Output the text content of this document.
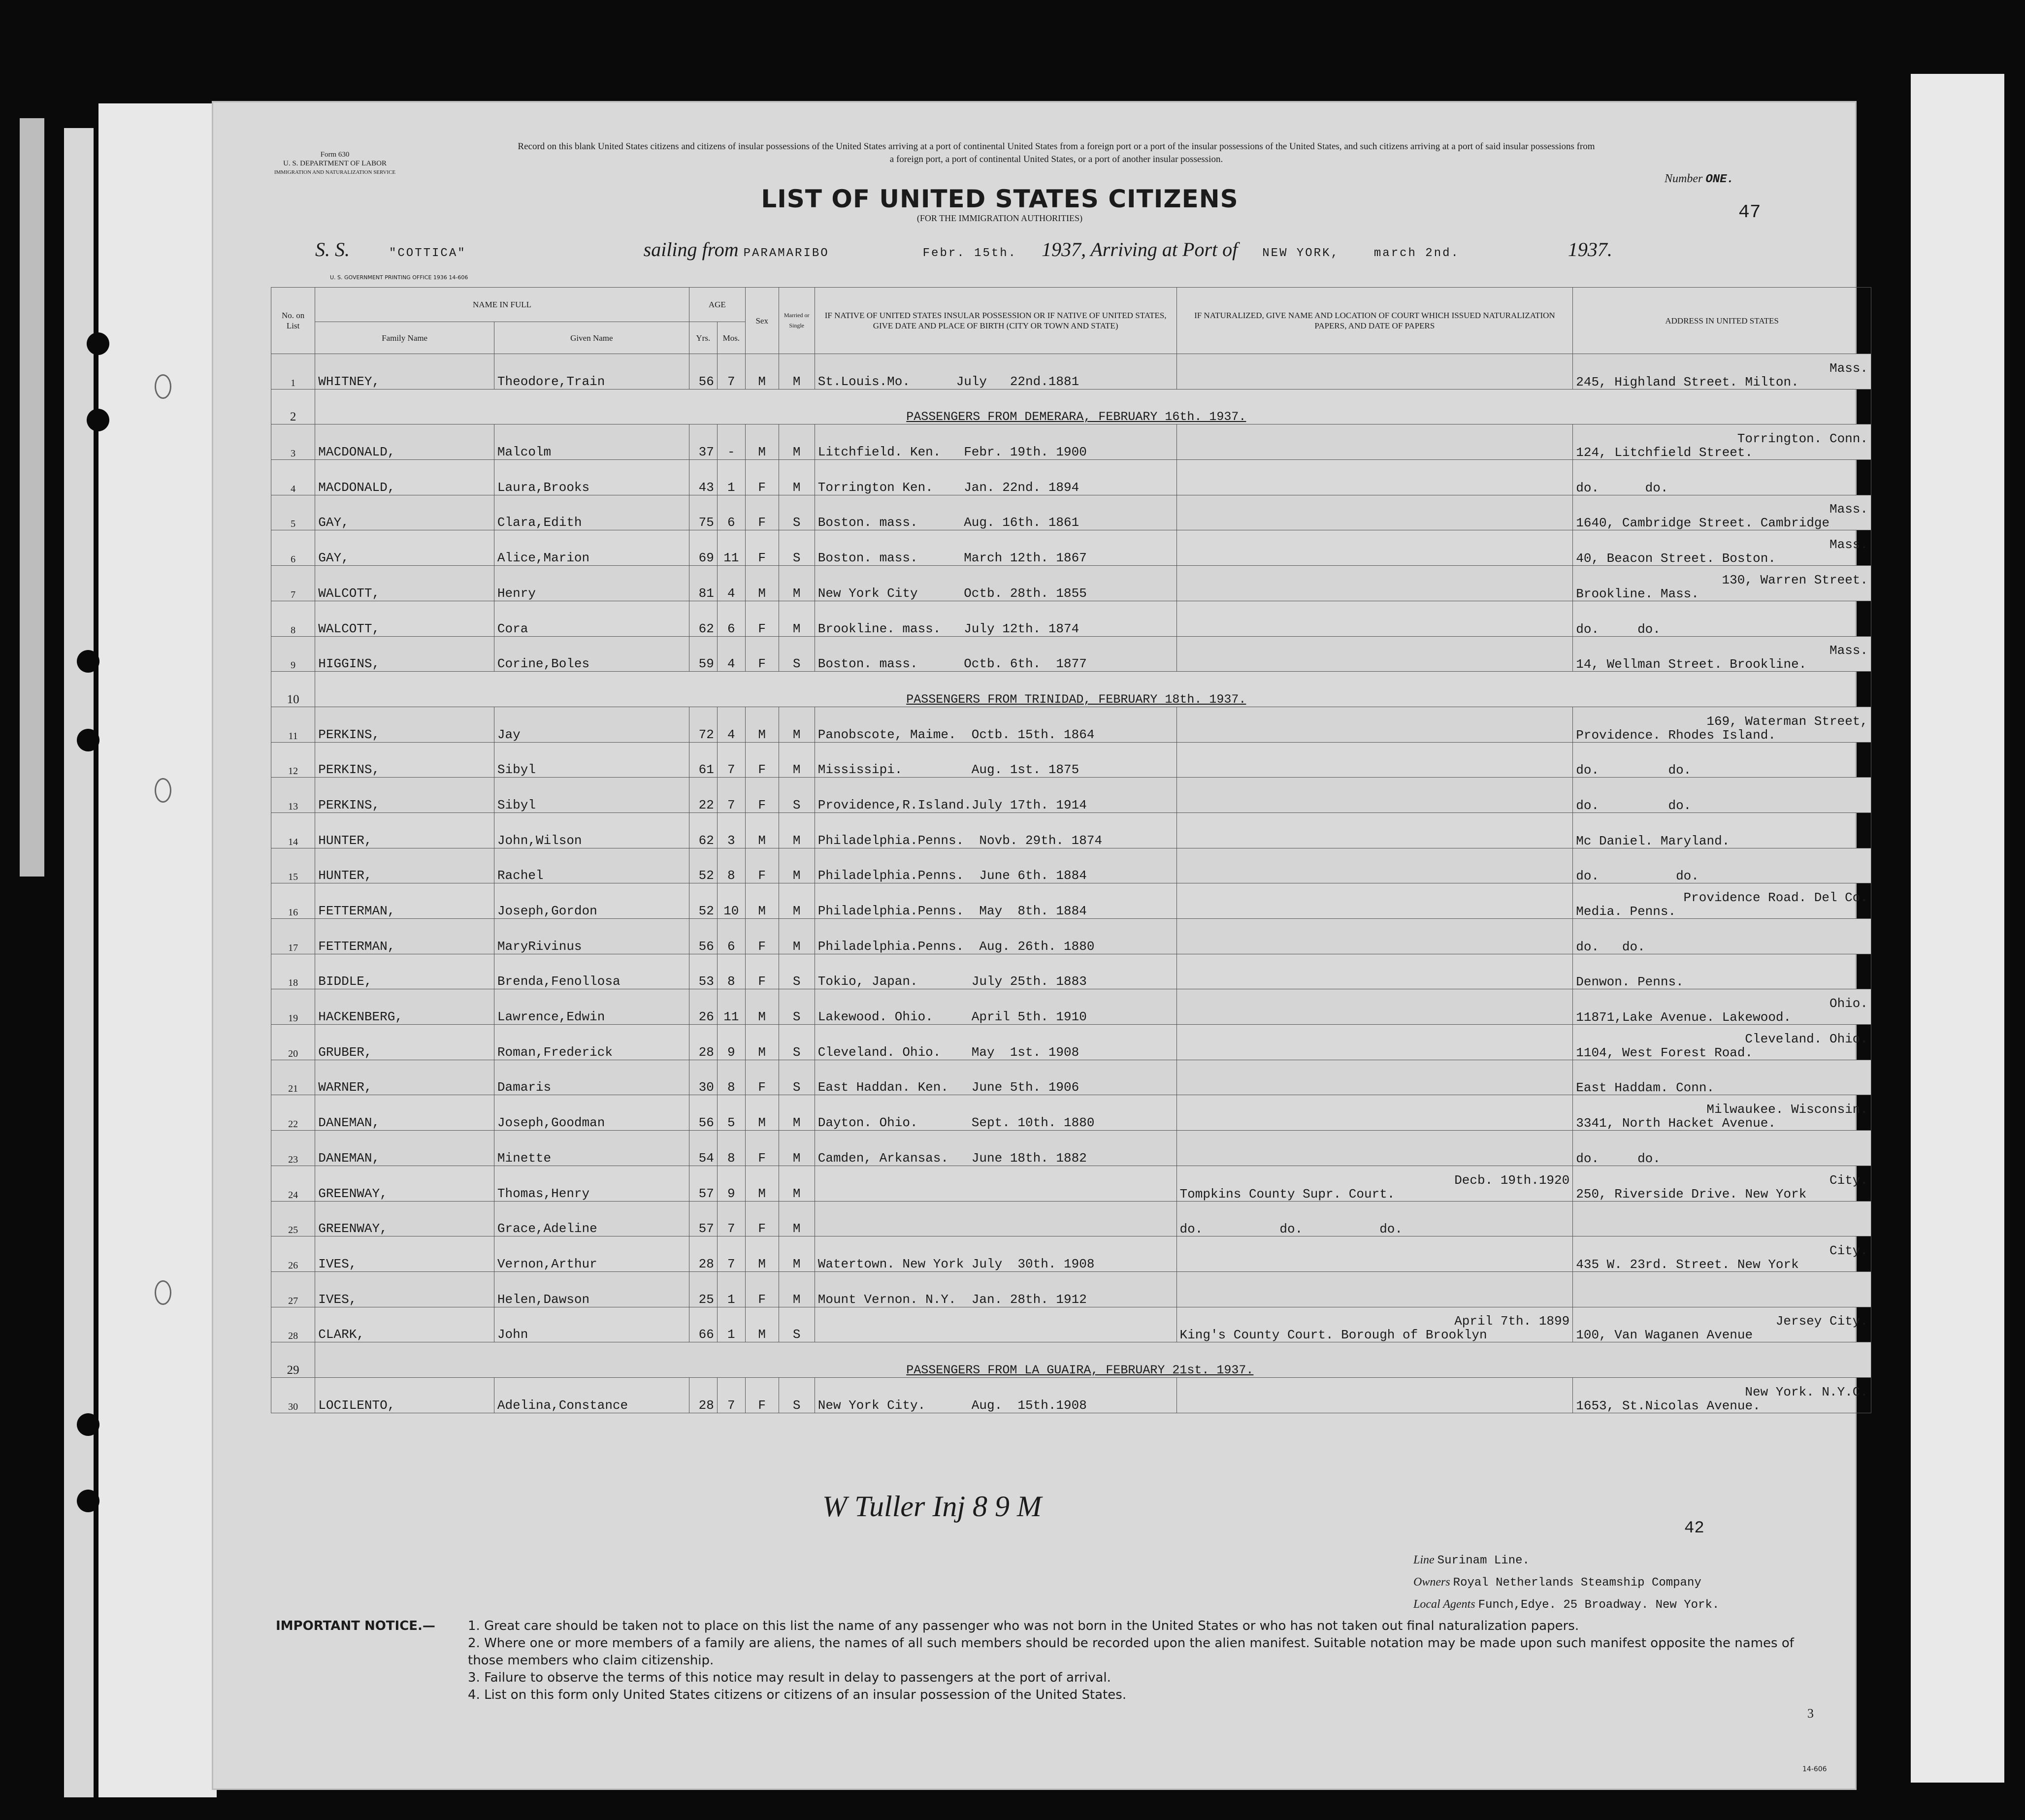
Form 630
U. S. DEPARTMENT OF LABOR
IMMIGRATION AND NATURALIZATION SERVICE
Record on this blank United States citizens and citizens of insular possessions of the United States arriving at a port of continental United States from a foreign port or a port of the insular possessions of the United States, and such citizens arriving at a port of said insular possessions from a foreign port, a port of continental United States, or a port of another insular possession.
Number ONE.
47
LIST OF UNITED STATES CITIZENS
(FOR THE IMMIGRATION AUTHORITIES)
S. S.	"COTTICA"	sailing from PARAMARIBO	Febr. 15th. 1937, Arriving at Port of NEW YORK,	march 2nd.	1937.
U. S. GOVERNMENT PRINTING OFFICE 1936 14-606
No. on List	NAME IN FULL		AGE		Sex	Married or Single	IF NATIVE OF UNITED STATES INSULAR POSSESSION OR IF NATIVE OF UNITED STATES, GIVE DATE AND PLACE OF BIRTH (CITY OR TOWN AND STATE)	IF NATURALIZED, GIVE NAME AND LOCATION OF COURT WHICH ISSUED NATURALIZATION PAPERS, AND DATE OF PAPERS	ADDRESS IN UNITED STATES
	Family Name	Given Name	Yrs.	Mos.					
1	WHITNEY,	Theodore,Train	56	7	M	M	St.Louis.Mo.      July   22nd.1881		Mass.
245, Highland Street. Milton.

2	PASSENGERS FROM DEMERARA, FEBRUARY 16th. 1937.								
3	MACDONALD,	Malcolm	37	-	M	M	Litchfield. Ken.   Febr. 19th. 1900		Torrington. Conn.
124, Litchfield Street.

4	MACDONALD,	Laura,Brooks	43	1	F	M	Torrington Ken.    Jan. 22nd. 1894		do.      do.

5	GAY,	Clara,Edith	75	6	F	S	Boston. mass.      Aug. 16th. 1861		Mass.
1640, Cambridge Street. Cambridge

6	GAY,	Alice,Marion	69	11	F	S	Boston. mass.      March 12th. 1867		Mass.
40, Beacon Street. Boston.

7	WALCOTT,	Henry	81	4	M	M	New York City      Octb. 28th. 1855		130, Warren Street.
Brookline. Mass.

8	WALCOTT,	Cora	62	6	F	M	Brookline. mass.   July 12th. 1874		do.     do.

9	HIGGINS,	Corine,Boles	59	4	F	S	Boston. mass.      Octb. 6th.  1877		Mass.
14, Wellman Street. Brookline.

10	PASSENGERS FROM TRINIDAD, FEBRUARY 18th. 1937.								
11	PERKINS,	Jay	72	4	M	M	Panobscote, Maime.  Octb. 15th. 1864		169, Waterman Street,
Providence. Rhodes Island.

12	PERKINS,	Sibyl	61	7	F	M	Mississipi.         Aug. 1st. 1875		do.         do.

13	PERKINS,	Sibyl	22	7	F	S	Providence,R.Island.July 17th. 1914		do.         do.

14	HUNTER,	John,Wilson	62	3	M	M	Philadelphia.Penns.  Novb. 29th. 1874		Mc Daniel. Maryland.

15	HUNTER,	Rachel	52	8	F	M	Philadelphia.Penns.  June 6th. 1884		do.          do.

16	FETTERMAN,	Joseph,Gordon	52	10	M	M	Philadelphia.Penns.  May  8th. 1884		Providence Road. Del Co.
Media. Penns.

17	FETTERMAN,	MaryRivinus	56	6	F	M	Philadelphia.Penns.  Aug. 26th. 1880		do.   do.

18	BIDDLE,	Brenda,Fenollosa	53	8	F	S	Tokio, Japan.       July 25th. 1883		Denwon. Penns.

19	HACKENBERG,	Lawrence,Edwin	26	11	M	S	Lakewood. Ohio.     April 5th. 1910		Ohio.
11871,Lake Avenue. Lakewood.

20	GRUBER,	Roman,Frederick	28	9	M	S	Cleveland. Ohio.    May  1st. 1908		Cleveland. Ohio.
1104, West Forest Road.

21	WARNER,	Damaris	30	8	F	S	East Haddan. Ken.   June 5th. 1906		East Haddam. Conn.

22	DANEMAN,	Joseph,Goodman	56	5	M	M	Dayton. Ohio.       Sept. 10th. 1880		Milwaukee. Wisconsin.
3341, North Hacket Avenue.

23	DANEMAN,	Minette	54	8	F	M	Camden, Arkansas.   June 18th. 1882		do.     do.

24	GREENWAY,	Thomas,Henry	57	9	M	M		Decb. 19th.1920
Tompkins County Supr. Court.	City.
250, Riverside Drive. New York

25	GREENWAY,	Grace,Adeline	57	7	F	M		do.          do.          do.	

26	IVES,	Vernon,Arthur	28	7	M	M	Watertown. New York July  30th. 1908		City.
435 W. 23rd. Street. New York

27	IVES,	Helen,Dawson	25	1	F	M	Mount Vernon. N.Y.  Jan. 28th. 1912		

28	CLARK,	John	66	1	M	S		April 7th. 1899
King's County Court. Borough of Brooklyn	Jersey City.
100, Van Waganen Avenue

29	PASSENGERS FROM LA GUAIRA, FEBRUARY 21st. 1937.								
30	LOCILENTO,	Adelina,Constance	28	7	F	S	New York City.      Aug.  15th.1908		New York. N.Y.C.
1653, St.Nicolas Avenue.
W Tuller Inj 8 9 M
42
Line Surinam Line.
Owners Royal Netherlands Steamship Company
Local Agents Funch,Edye. 25 Broadway. New York.
IMPORTANT NOTICE.—	1. Great care should be taken not to place on this list the name of any passenger who was not born in the United States or who has not taken out final naturalization papers.
2. Where one or more members of a family are aliens, the names of all such members should be recorded upon the alien manifest. Suitable notation may be made upon such manifest opposite the names of those members who claim citizenship.
3. Failure to observe the terms of this notice may result in delay to passengers at the port of arrival.
4. List on this form only United States citizens or citizens of an insular possession of the United States.
14-606
3
